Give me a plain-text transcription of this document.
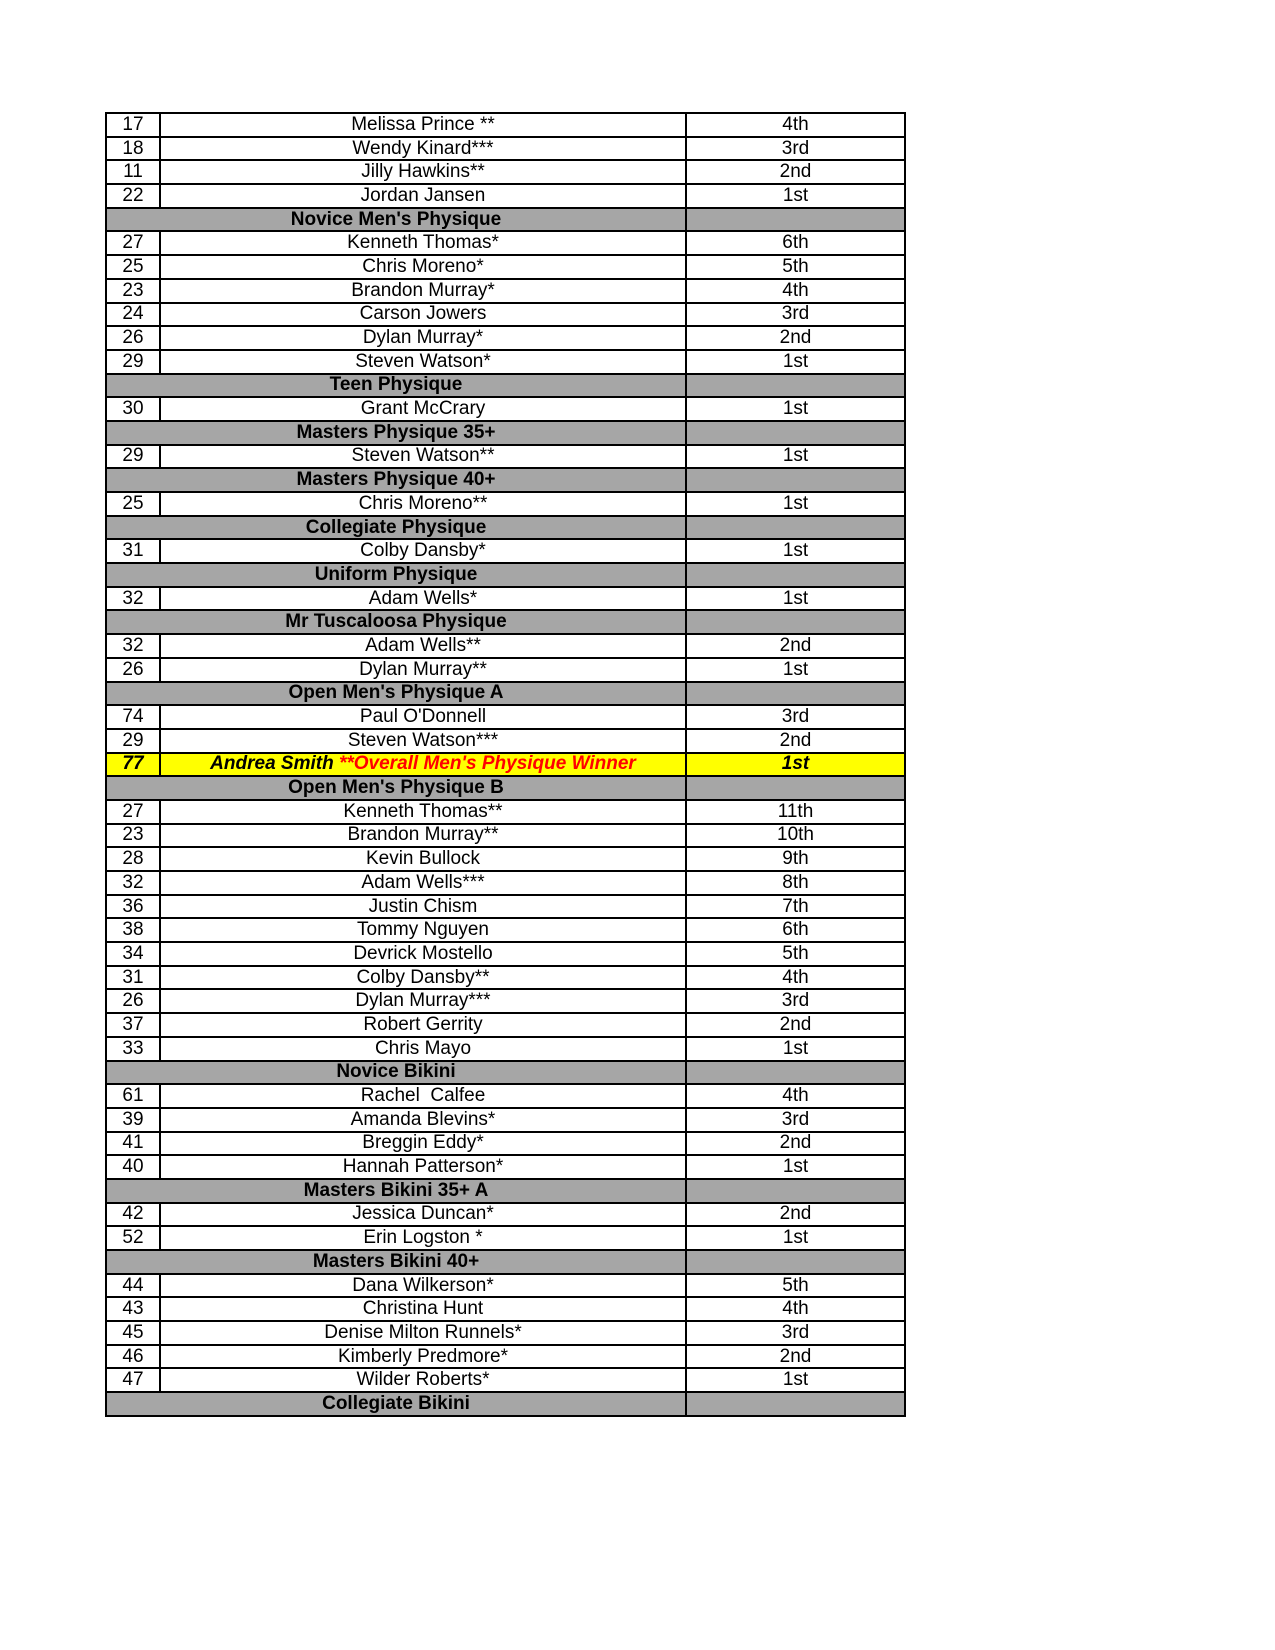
17	Melissa Prince **	4th
18	Wendy Kinard***	3rd
11	Jilly Hawkins**	2nd
22	Jordan Jansen	1st
Novice Men's Physique		
27	Kenneth Thomas*	6th
25	Chris Moreno*	5th
23	Brandon Murray*	4th
24	Carson Jowers	3rd
26	Dylan Murray*	2nd
29	Steven Watson*	1st
Teen Physique		
30	Grant McCrary	1st
Masters Physique 35+		
29	Steven Watson**	1st
Masters Physique 40+		
25	Chris Moreno**	1st
Collegiate Physique		
31	Colby Dansby*	1st
Uniform Physique		
32	Adam Wells*	1st
Mr Tuscaloosa Physique		
32	Adam Wells**	2nd
26	Dylan Murray**	1st
Open Men's Physique A		
74	Paul O'Donnell	3rd
29	Steven Watson***	2nd
77	Andrea Smith **Overall Men's Physique Winner	1st
Open Men's Physique B		
27	Kenneth Thomas**	11th
23	Brandon Murray**	10th
28	Kevin Bullock	9th
32	Adam Wells***	8th
36	Justin Chism	7th
38	Tommy Nguyen	6th
34	Devrick Mostello	5th
31	Colby Dansby**	4th
26	Dylan Murray***	3rd
37	Robert Gerrity	2nd
33	Chris Mayo	1st
Novice Bikini		
61	Rachel  Calfee	4th
39	Amanda Blevins*	3rd
41	Breggin Eddy*	2nd
40	Hannah Patterson*	1st
Masters Bikini 35+ A		
42	Jessica Duncan*	2nd
52	Erin Logston *	1st
Masters Bikini 40+		
44	Dana Wilkerson*	5th
43	Christina Hunt	4th
45	Denise Milton Runnels*	3rd
46	Kimberly Predmore*	2nd
47	Wilder Roberts*	1st
Collegiate Bikini		
